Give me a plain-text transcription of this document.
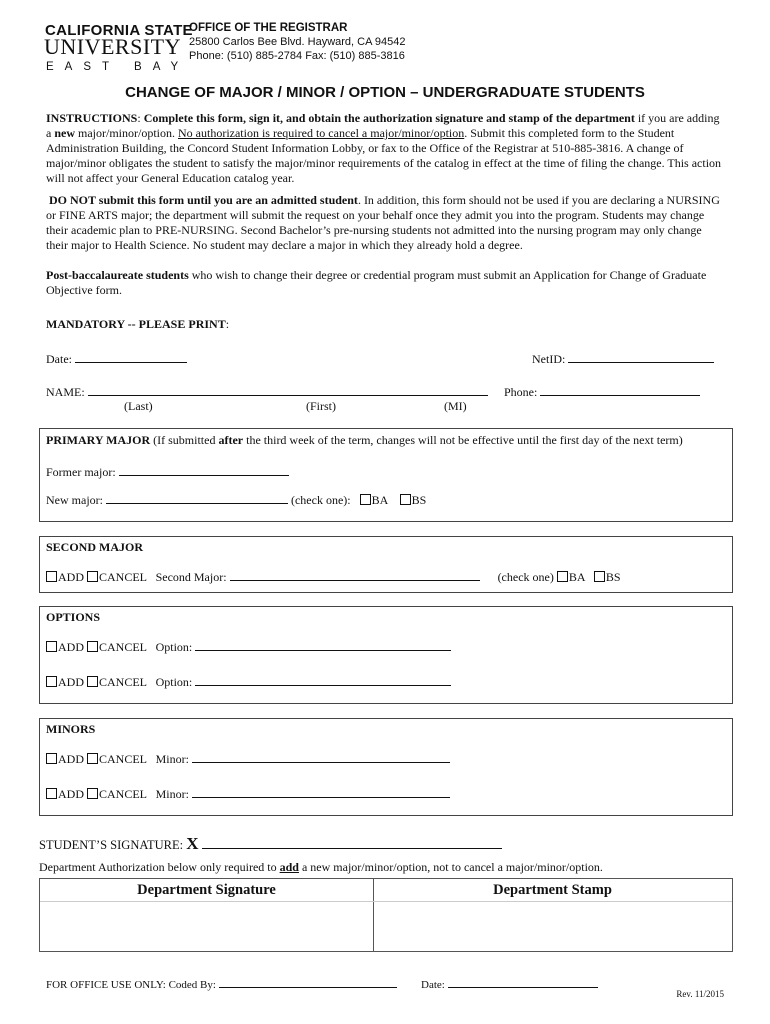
CALIFORNIA STATE
UNIVERSITY
EAST BAY
OFFICE OF THE REGISTRAR
25800 Carlos Bee Blvd. Hayward, CA 94542
Phone: (510) 885-2784 Fax: (510) 885-3816
CHANGE OF MAJOR / MINOR / OPTION – UNDERGRADUATE STUDENTS
INSTRUCTIONS: Complete this form, sign it, and obtain the authorization signature and stamp of the department if you are adding a new major/minor/option. No authorization is required to cancel a major/minor/option. Submit this completed form to the Student Administration Building, the Concord Student Information Lobby, or fax to the Office of the Registrar at 510-885-3816. A change of major/minor obligates the student to satisfy the major/minor requirements of the catalog in effect at the time of filing the change. This action will not affect your General Education catalog year.
DO NOT submit this form until you are an admitted student. In addition, this form should not be used if you are declaring a NURSING or FINE ARTS major; the department will submit the request on your behalf once they admit you into the program. Students may change their academic plan to PRE-NURSING. Second Bachelor’s pre-nursing students not admitted into the nursing program may only change their major to Health Science. No student may declare a major in which they already hold a degree.
Post-baccalaureate students who wish to change their degree or credential program must submit an Application for Change of Graduate Objective form.
MANDATORY -- PLEASE PRINT:
Date:	NetID:
NAME:	Phone:
(Last)	(First)	(MI)
PRIMARY MAJOR (If submitted after the third week of the term, changes will not be effective until the first day of the next term)
Former major:
New major:	(check one): BA BS
SECOND MAJOR
ADD CANCEL Second Major:	(check one) BA BS
OPTIONS
ADD CANCEL Option:
ADD CANCEL Option:
MINORS
ADD CANCEL Minor:
ADD CANCEL Minor:
STUDENT’S SIGNATURE: X
Department Authorization below only required to add a new major/minor/option, not to cancel a major/minor/option.
Department Signature	Department Stamp
FOR OFFICE USE ONLY: Coded By:	Date:
Rev. 11/2015
